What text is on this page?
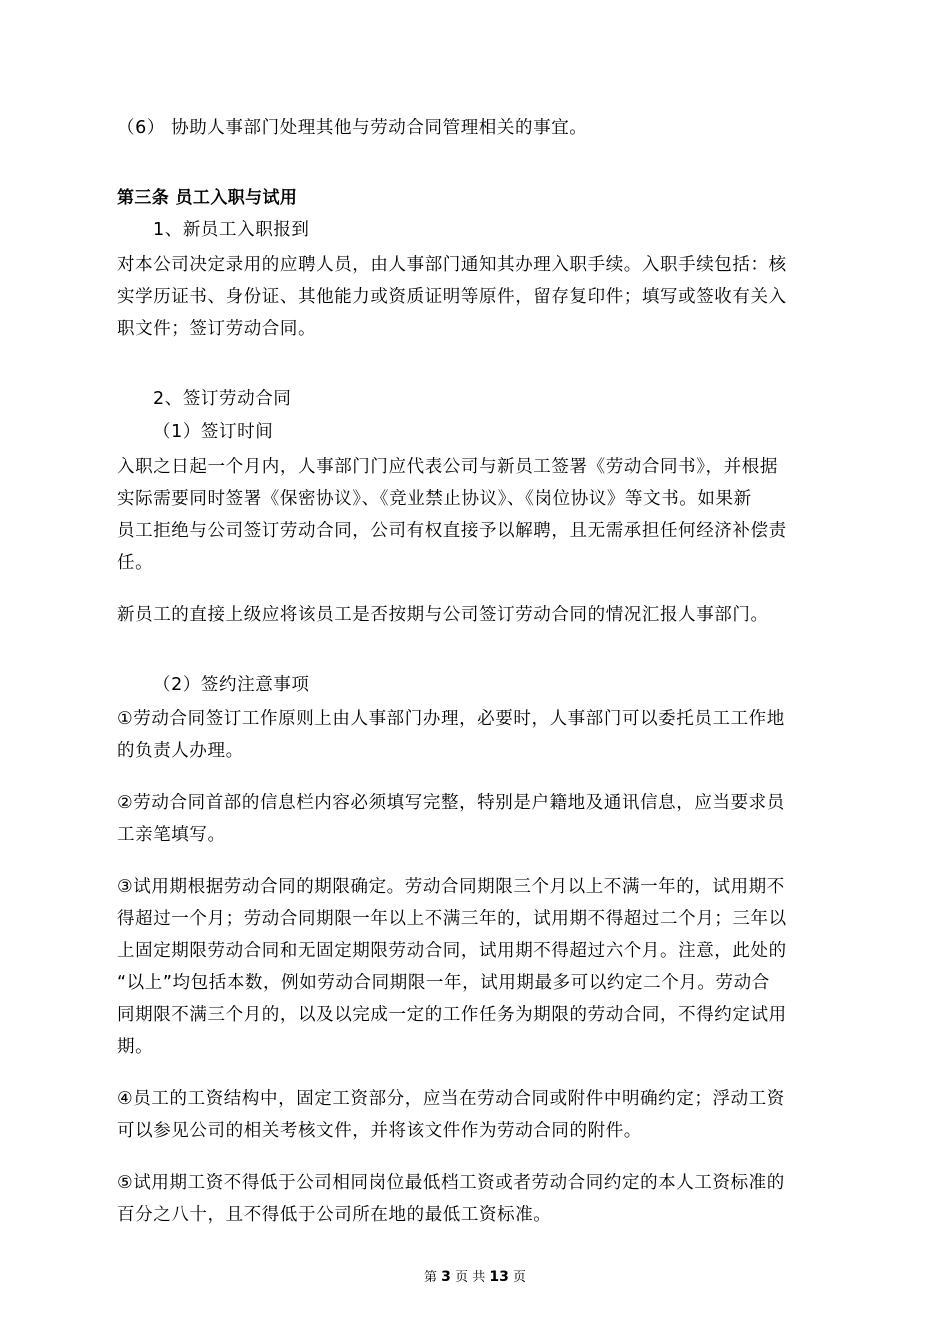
（6） 协助人事部门处理其他与劳动合同管理相关的事宜。
第三条 员工入职与试用
1、新员工入职报到
对本公司决定录用的应聘人员，由人事部门通知其办理入职手续。入职手续包括：核
实学历证书、身份证、其他能力或资质证明等原件，留存复印件；填写或签收有关入
职文件；签订劳动合同。
2、签订劳动合同
（1）签订时间
入职之日起一个月内，人事部门门应代表公司与新员工签署《劳动合同书》，并根据
实际需要同时签署《保密协议》、《竞业禁止协议》、《岗位协议》等文书。如果新
员工拒绝与公司签订劳动合同，公司有权直接予以解聘，且无需承担任何经济补偿责
任。
新员工的直接上级应将该员工是否按期与公司签订劳动合同的情况汇报人事部门。
（2）签约注意事项
①劳动合同签订工作原则上由人事部门办理，必要时，人事部门可以委托员工工作地
的负责人办理。
②劳动合同首部的信息栏内容必须填写完整，特别是户籍地及通讯信息，应当要求员
工亲笔填写。
③试用期根据劳动合同的期限确定。劳动合同期限三个月以上不满一年的，试用期不
得超过一个月；劳动合同期限一年以上不满三年的，试用期不得超过二个月；三年以
上固定期限劳动合同和无固定期限劳动合同，试用期不得超过六个月。注意，此处的
“以上”均包括本数，例如劳动合同期限一年，试用期最多可以约定二个月。劳动合
同期限不满三个月的，以及以完成一定的工作任务为期限的劳动合同，不得约定试用
期。
④员工的工资结构中，固定工资部分，应当在劳动合同或附件中明确约定；浮动工资
可以参见公司的相关考核文件，并将该文件作为劳动合同的附件。
⑤试用期工资不得低于公司相同岗位最低档工资或者劳动合同约定的本人工资标准的
百分之八十，且不得低于公司所在地的最低工资标准。
第 3 页 共 13 页
